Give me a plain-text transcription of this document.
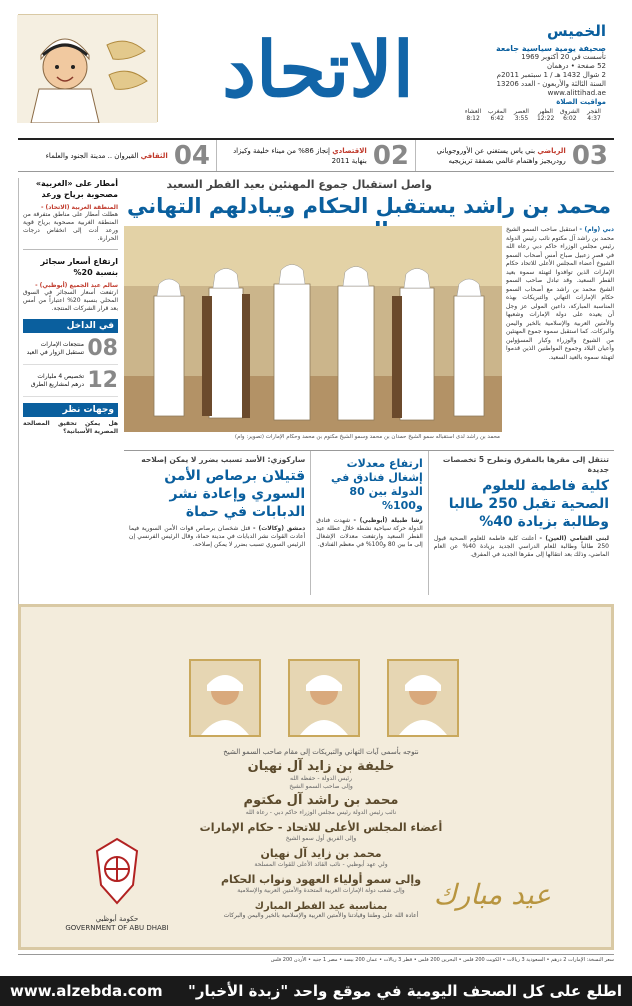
الخميس
صحيفة يومية سياسية جامعة
تأسست في 20 أكتوبر 1969
52 صفحة • درهمان
2 شوال 1432 هـ / 1 سبتمبر 2011م
السنة الثالثة والأربعون - العدد 13206
www.alittihad.ae
مواقيت الصلاة
الفجر
الشروق
الظهر
العصر
المغرب
العشاء
4:37
6:02
12:22
3:55
6:42
8:12
الاتحاد
03
الرياضي بني ياس يستغني عن الأوروجوياني رودريجيز واهتمام عالمي بصفقة تريزيجيه
02
الاقتصادي إنجاز 86% من ميناء خليفة وكيزاد بنهاية 2011
04
الثقافي القيروان .. مدينة الجنود والعلماء
واصل استقبال جموع المهنئين بعيد الفطر السعيد
محمد بن راشد يستقبل الحكام ويبادلهم التهاني
محمد بن راشد لدى استقباله سمو الشيخ حمدان بن محمد وسمو الشيخ مكتوم بن محمد وحكام الإمارات (تصوير: وام)
دبي (وام) - استقبل صاحب السمو الشيخ محمد بن راشد آل مكتوم نائب رئيس الدولة رئيس مجلس الوزراء حاكم دبي رعاه الله في قصر زعبيل صباح أمس أصحاب السمو الشيوخ أعضاء المجلس الأعلى للاتحاد حكام الإمارات الذين توافدوا لتهنئة سموه بعيد الفطر السعيد. وقد تبادل صاحب السمو الشيخ محمد بن راشد مع أصحاب السمو حكام الإمارات التهاني والتبريكات بهذه المناسبة المباركة، داعين المولى عز وجل أن يعيده على دولة الإمارات وشعبها والأمتين العربية والإسلامية بالخير واليمن والبركات. كما استقبل سموه جموع المهنئين من الشيوخ والوزراء وكبار المسؤولين وأعيان البلاد وجموع المواطنين الذين قدموا لتهنئة سموه بالعيد السعيد.
أمطار على «الغربية» مصحوبة برياح ورعد
المنطقة الغربية (الاتحاد) -
هطلت أمطار على مناطق متفرقة من المنطقة الغربية مصحوبة برياح قوية ورعد أدت إلى انخفاض درجات الحرارة.
ارتفاع أسعار سجائر بنسبة 20%
سالم عبد الجميع (أبوظبي) -
ارتفعت أسعار السجائر في السوق المحلي بنسبة 20% اعتباراً من أمس بعد قرار الشركات المنتجة.
في الداخل
08
منتجعات الإمارات تستقبل الزوار في العيد
12
تخصيص 4 مليارات درهم لمشاريع الطرق
وجهات نظر
هل يمكن تحقيق المصالحة المصرية الأسبانية؟
تنتقل إلى مقرها بالمفرق وتطرح 5 تخصصات جديدة
كلية فاطمة للعلوم الصحية تقبل 250 طالبا وطالبة بزيادة 40%
لبنى الشامي (العين) - أعلنت كلية فاطمة للعلوم الصحية قبول 250 طالباً وطالبة للعام الدراسي الجديد بزيادة 40% عن العام الماضي، وذلك بعد انتقالها إلى مقرها الجديد في المفرق.
ارتفاع معدلات إشغال فنادق في الدولة بين 80 و100%
رشا طبيلة (أبوظبي) - شهدت فنادق الدولة حركة سياحية نشطة خلال عطلة عيد الفطر السعيد وارتفعت معدلات الإشغال إلى ما بين 80 و100% في معظم الفنادق.
ساركوزي: الأسد تسبب بضرر لا يمكن إصلاحه
قتيلان برصاص الأمن السوري وإعادة نشر الدبابات في حماة
دمشق (وكالات) - قتل شخصان برصاص قوات الأمن السورية فيما أعادت القوات نشر الدبابات في مدينة حماة، وقال الرئيس الفرنسي إن الرئيس السوري تسبب بضرر لا يمكن إصلاحه.
نتوجه بأسمى آيات التهاني والتبريكات إلى مقام صاحب السمو الشيخ
خليفة بن زايد آل نهيان
رئيس الدولة - حفظه الله
وإلى صاحب السمو الشيخ
محمد بن راشد آل مكتوم
نائب رئيس الدولة رئيس مجلس الوزراء حاكم دبي - رعاه الله
أعضاء المجلس الأعلى للاتحاد - حكام الإمارات
وإلى الفريق أول سمو الشيخ
محمد بن زايد آل نهيان
ولي عهد أبوظبي - نائب القائد الأعلى للقوات المسلحة
وإلى سمو أولياء العهود ونواب الحكام
وإلى شعب دولة الإمارات العربية المتحدة والأمتين العربية والإسلامية
بمناسبة عيد الفطر المبارك
أعاده الله على وطننا وقيادتنا والأمتين العربية والإسلامية بالخير واليمن والبركات
حكومة أبوظبي
GOVERNMENT OF ABU DHABI
عيد مبارك
سعر النسخة: الإمارات 2 درهم • السعودية 3 ريالات • الكويت 200 فلس • البحرين 200 فلس • قطر 3 ريالات • عمان 200 بيسة • مصر 1 جنيه • الأردن 200 فلس
اطلع على كل الصحف اليومية في موقع واحد "زبدة الأخبار"
www.alzebda.com
